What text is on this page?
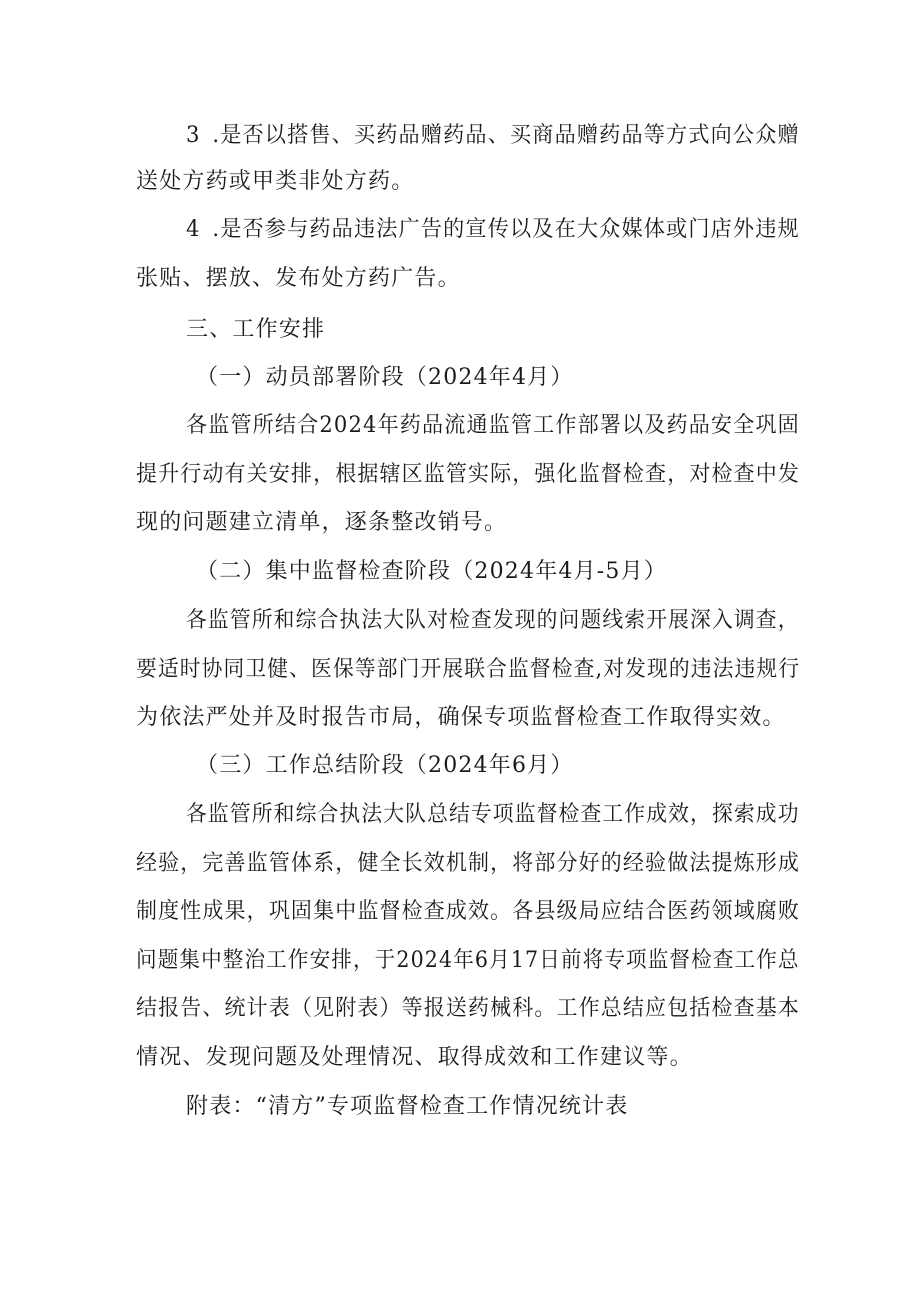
3 .是否以搭售、买药品赠药品、买商品赠药品等方式向公众赠
送处方药或甲类非处方药。
4 .是否参与药品违法广告的宣传以及在大众媒体或门店外违规
张贴、摆放、发布处方药广告。
三、工作安排
（一）动员部署阶段（2024年4月）
各监管所结合2024年药品流通监管工作部署以及药品安全巩固
提升行动有关安排，根据辖区监管实际，强化监督检查，对检查中发
现的问题建立清单，逐条整改销号。
（二）集中监督检查阶段（2024年4月-5月）
各监管所和综合执法大队对检查发现的问题线索开展深入调查，
要适时协同卫健、医保等部门开展联合监督检查,对发现的违法违规行
为依法严处并及时报告市局，确保专项监督检查工作取得实效。
（三）工作总结阶段（2024年6月）
各监管所和综合执法大队总结专项监督检查工作成效，探索成功
经验，完善监管体系，健全长效机制，将部分好的经验做法提炼形成
制度性成果，巩固集中监督检查成效。各县级局应结合医药领域腐败
问题集中整治工作安排，于2024年6月17日前将专项监督检查工作总
结报告、统计表（见附表）等报送药械科。工作总结应包括检查基本
情况、发现问题及处理情况、取得成效和工作建议等。
附表：“清方”专项监督检查工作情况统计表
